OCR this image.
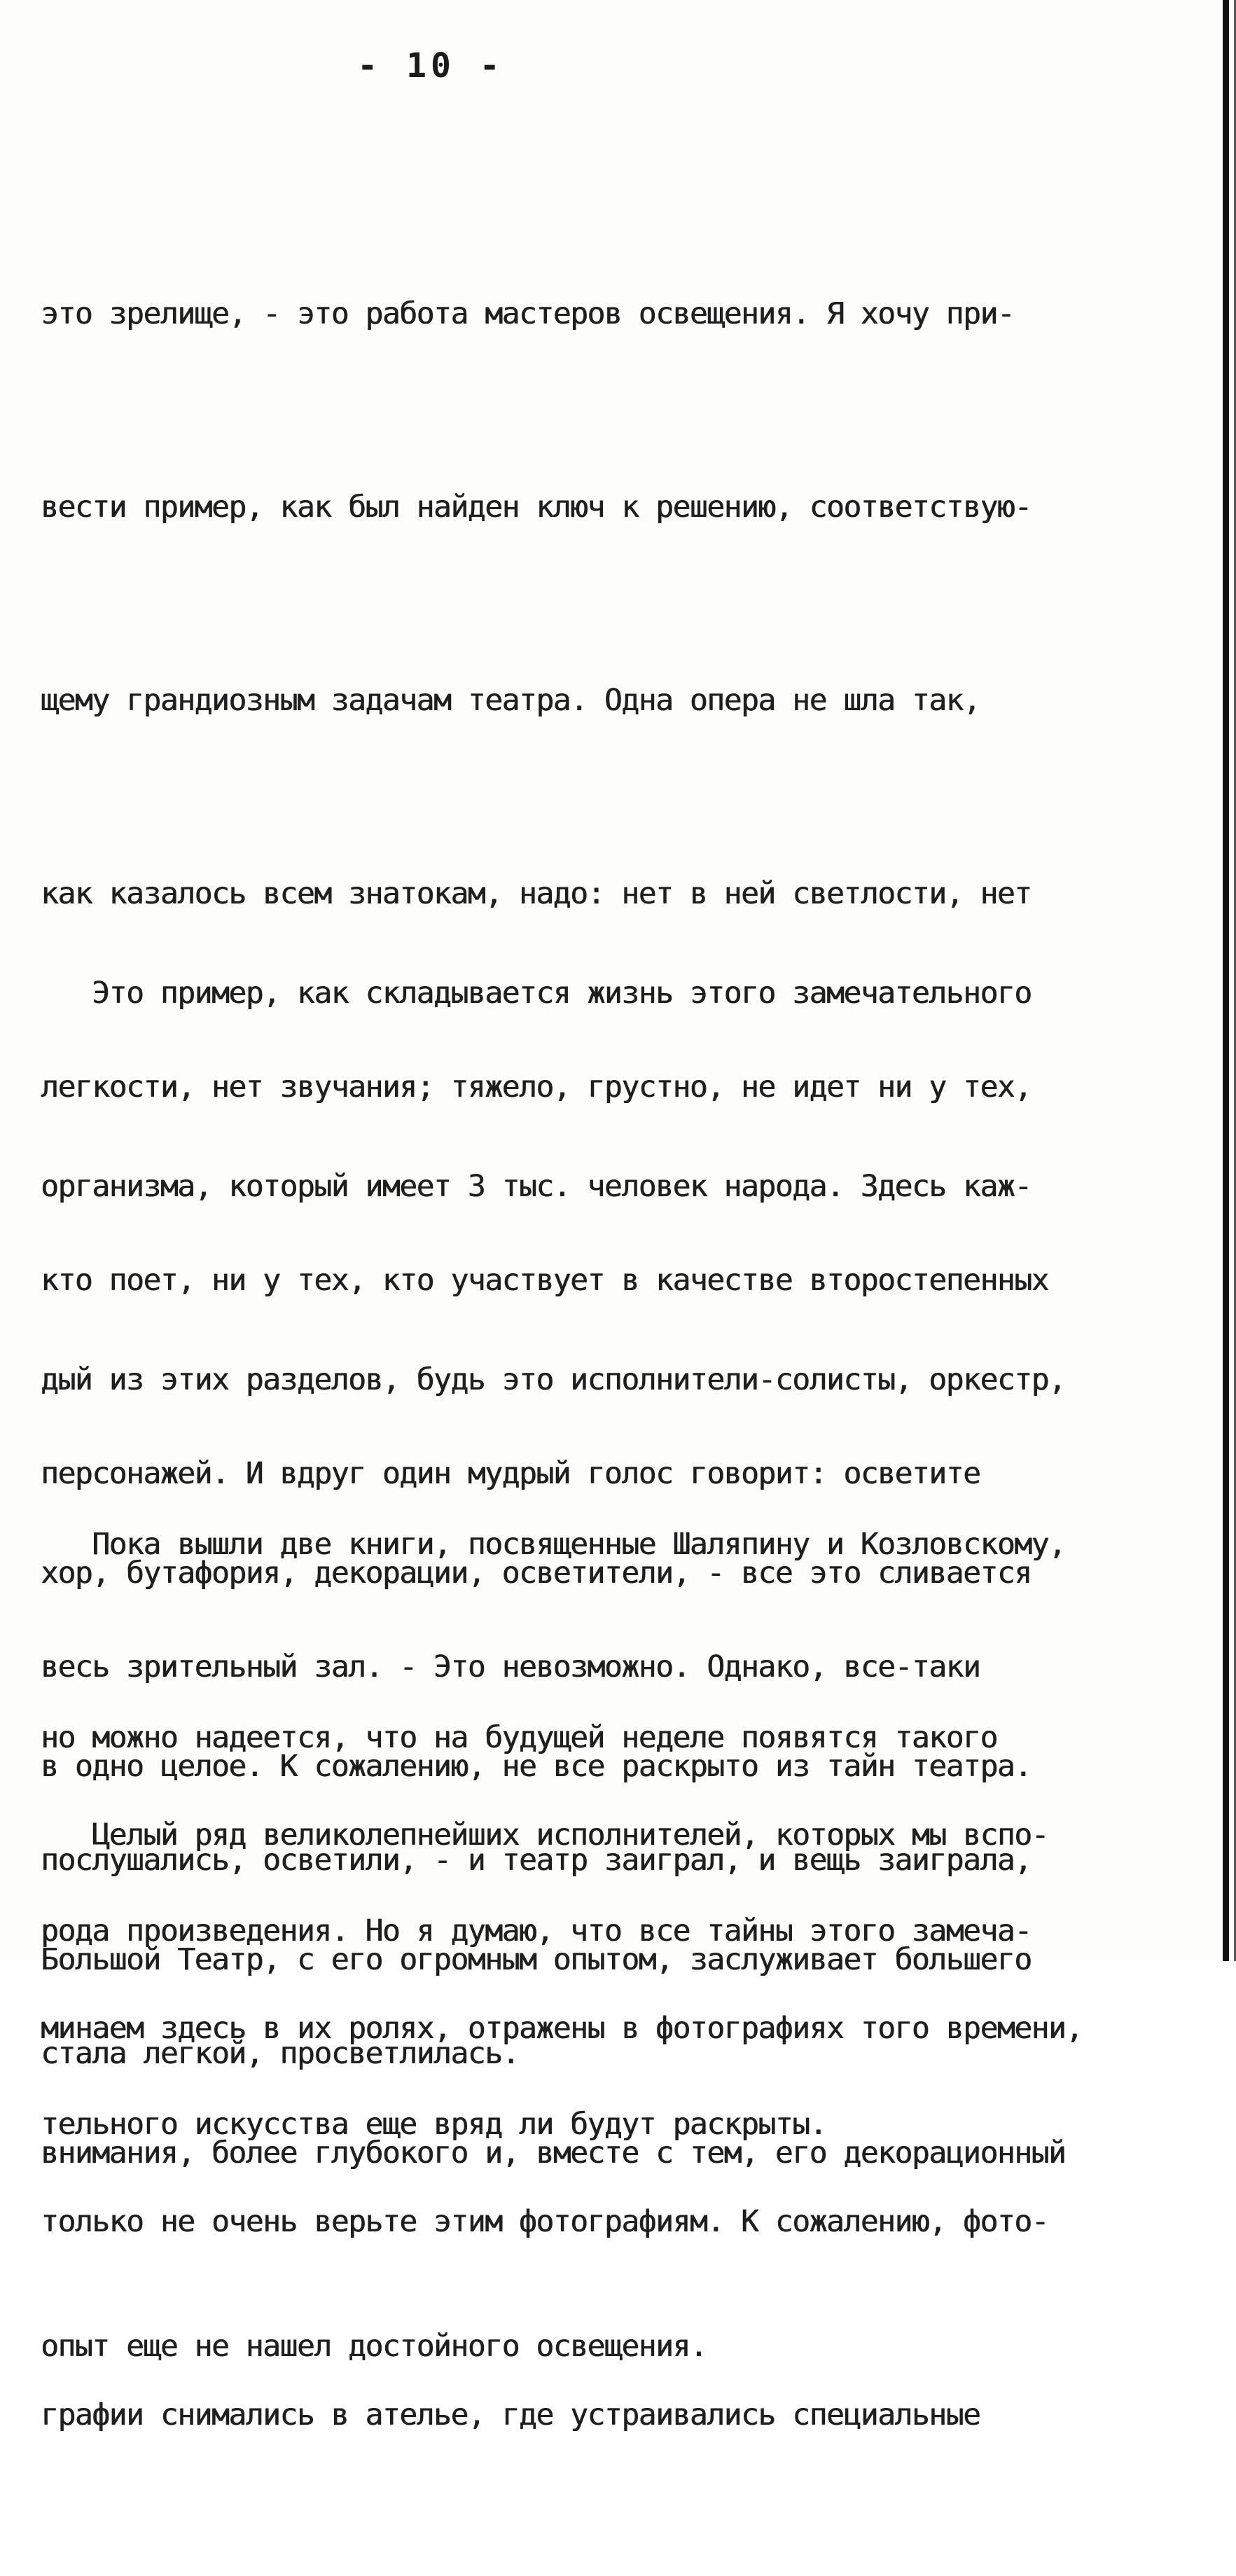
- 10 -

это зрелище, - это работа мастеров освещения. Я хочу при-

вести пример, как был найден ключ к решению, соответствую-

щему грандиозным задачам театра. Одна опера не шла так,

как казалось всем знатокам, надо: нет в ней светлости, нет

легкости, нет звучания; тяжело, грустно, не идет ни у тех,

кто поет, ни у тех, кто участвует в качестве второстепенных

персонажей. И вдруг один мудрый голос говорит: осветите

весь зрительный зал. - Это невозможно. Однако, все-таки

послушались, осветили, - и театр заиграл, и вещь заиграла,

стала легкой, просветлилась.

Это пример, как складывается жизнь этого замечательного

организма, который имеет 3 тыс. человек народа. Здесь каж-

дый из этих разделов, будь это исполнители-солисты, оркестр,

хор, бутафория, декорации, осветители, - все это сливается

в одно целое. К сожалению, не все раскрыто из тайн театра.

Большой Театр, с его огромным опытом, заслуживает большего

внимания, более глубокого и, вместе с тем, его декорационный

опыт еще не нашел достойного освещения.

Пока вышли две книги, посвященные Шаляпину и Козловскому,

но можно надеется, что на будущей неделе появятся такого

рода произведения. Но я думаю, что все тайны этого замеча-

тельного искусства еще вряд ли будут раскрыты.

Целый ряд великолепнейших исполнителей, которых мы вспо-

минаем здесь в их ролях, отражены в фотографиях того времени,

только не очень верьте этим фотографиям. К сожалению, фото-

графии снимались в ателье, где устраивались специальные
